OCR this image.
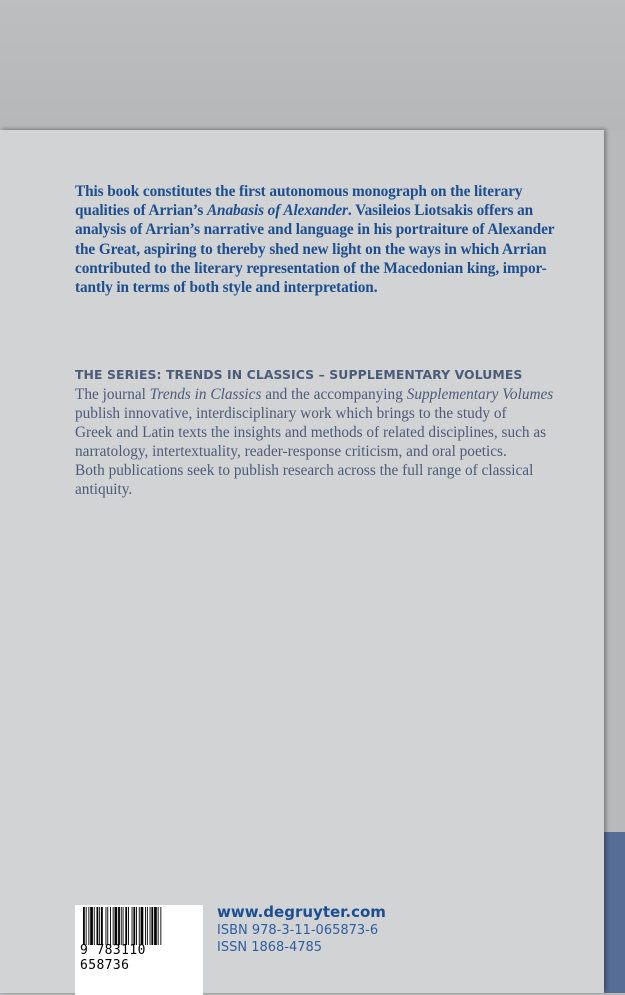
This book constitutes the first autonomous monograph on the literary
qualities of Arrian’s Anabasis of Alexander. Vasileios Liotsakis offers an
analysis of Arrian’s narrative and language in his portraiture of Alexander
the Great, aspiring to thereby shed new light on the ways in which Arrian
contributed to the literary representation of the Macedonian king, impor-
tantly in terms of both style and interpretation.
THE SERIES: TRENDS IN CLASSICS – SUPPLEMENTARY VOLUMES
The journal Trends in Classics and the accompanying Supplementary Volumes
publish innovative, interdisciplinary work which brings to the study of
Greek and Latin texts the insights and methods of related disciplines, such as
narratology, intertextuality, reader-response criticism, and oral poetics.
Both publications seek to publish research across the full range of classical
antiquity.
9 783110 658736
www.degruyter.com
ISBN 978-3-11-065873-6
ISSN 1868-4785
